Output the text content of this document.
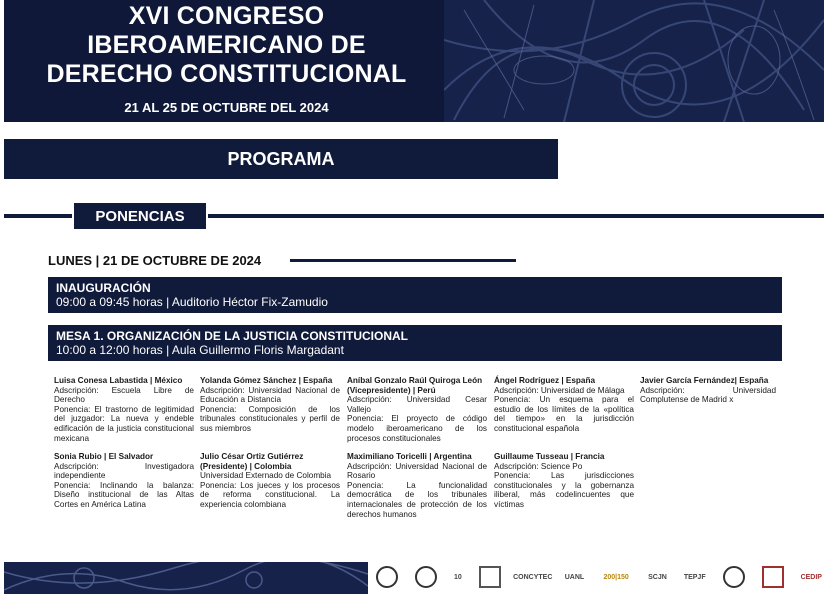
XVI CONGRESO
IBEROAMERICANO DE
DERECHO CONSTITUCIONAL
21 AL 25 DE OCTUBRE DEL 2024
PROGRAMA
PONENCIAS
LUNES | 21 DE OCTUBRE DE 2024
INAUGURACIÓN
09:00 a 09:45 horas | Auditorio Héctor Fix-Zamudio
MESA 1. ORGANIZACIÓN DE LA JUSTICIA CONSTITUCIONAL
10:00 a 12:00 horas | Aula Guillermo Floris Margadant
Luisa Conesa Labastida | México
Adscripción: Escuela Libre de Derecho
Ponencia: El trastorno de legitimidad del juzgador: La nueva y endeble edificación de la justicia constitucional mexicana
Yolanda Gómez Sánchez | España
Adscripción: Universidad Nacional de Educación a Distancia
Ponencia: Composición de los tribunales constitucionales y perfil de sus miembros
Aníbal Gonzalo Raúl Quiroga León (Vicepresidente) | Perú
Adscripción: Universidad Cesar Vallejo
Ponencia: El proyecto de código modelo iberoamericano de los procesos constitucionales
Ángel Rodríguez | España
Adscripción: Universidad de Málaga
Ponencia: Un esquema para el estudio de los límites de la «política del tiempo» en la jurisdicción constitucional española
Javier García Fernández| España
Adscripción: Universidad Complutense de Madrid x
Sonia Rubio | El Salvador
Adscripción: Investigadora independiente
Ponencia: Inclinando la balanza: Diseño institucional de las Altas Cortes en América Latina
Julio César Ortiz Gutiérrez (Presidente) | Colombia
Universidad Externado de Colombia
Ponencia: Los jueces y los procesos de reforma constitucional. La experiencia colombiana
Maximiliano Toricelli | Argentina
Adscripción: Universidad Nacional de Rosario
Ponencia: La funcionalidad democrática de los tribunales internacionales de protección de los derechos humanos
Guillaume Tusseau | Francia
Adscripción: Science Po
Ponencia: Las jurisdicciones constitucionales y la gobernanza iliberal, más codelincuentes que víctimas
10	CONCYTEC UANL	200|150	SCJN TEPJF	CEDIP
